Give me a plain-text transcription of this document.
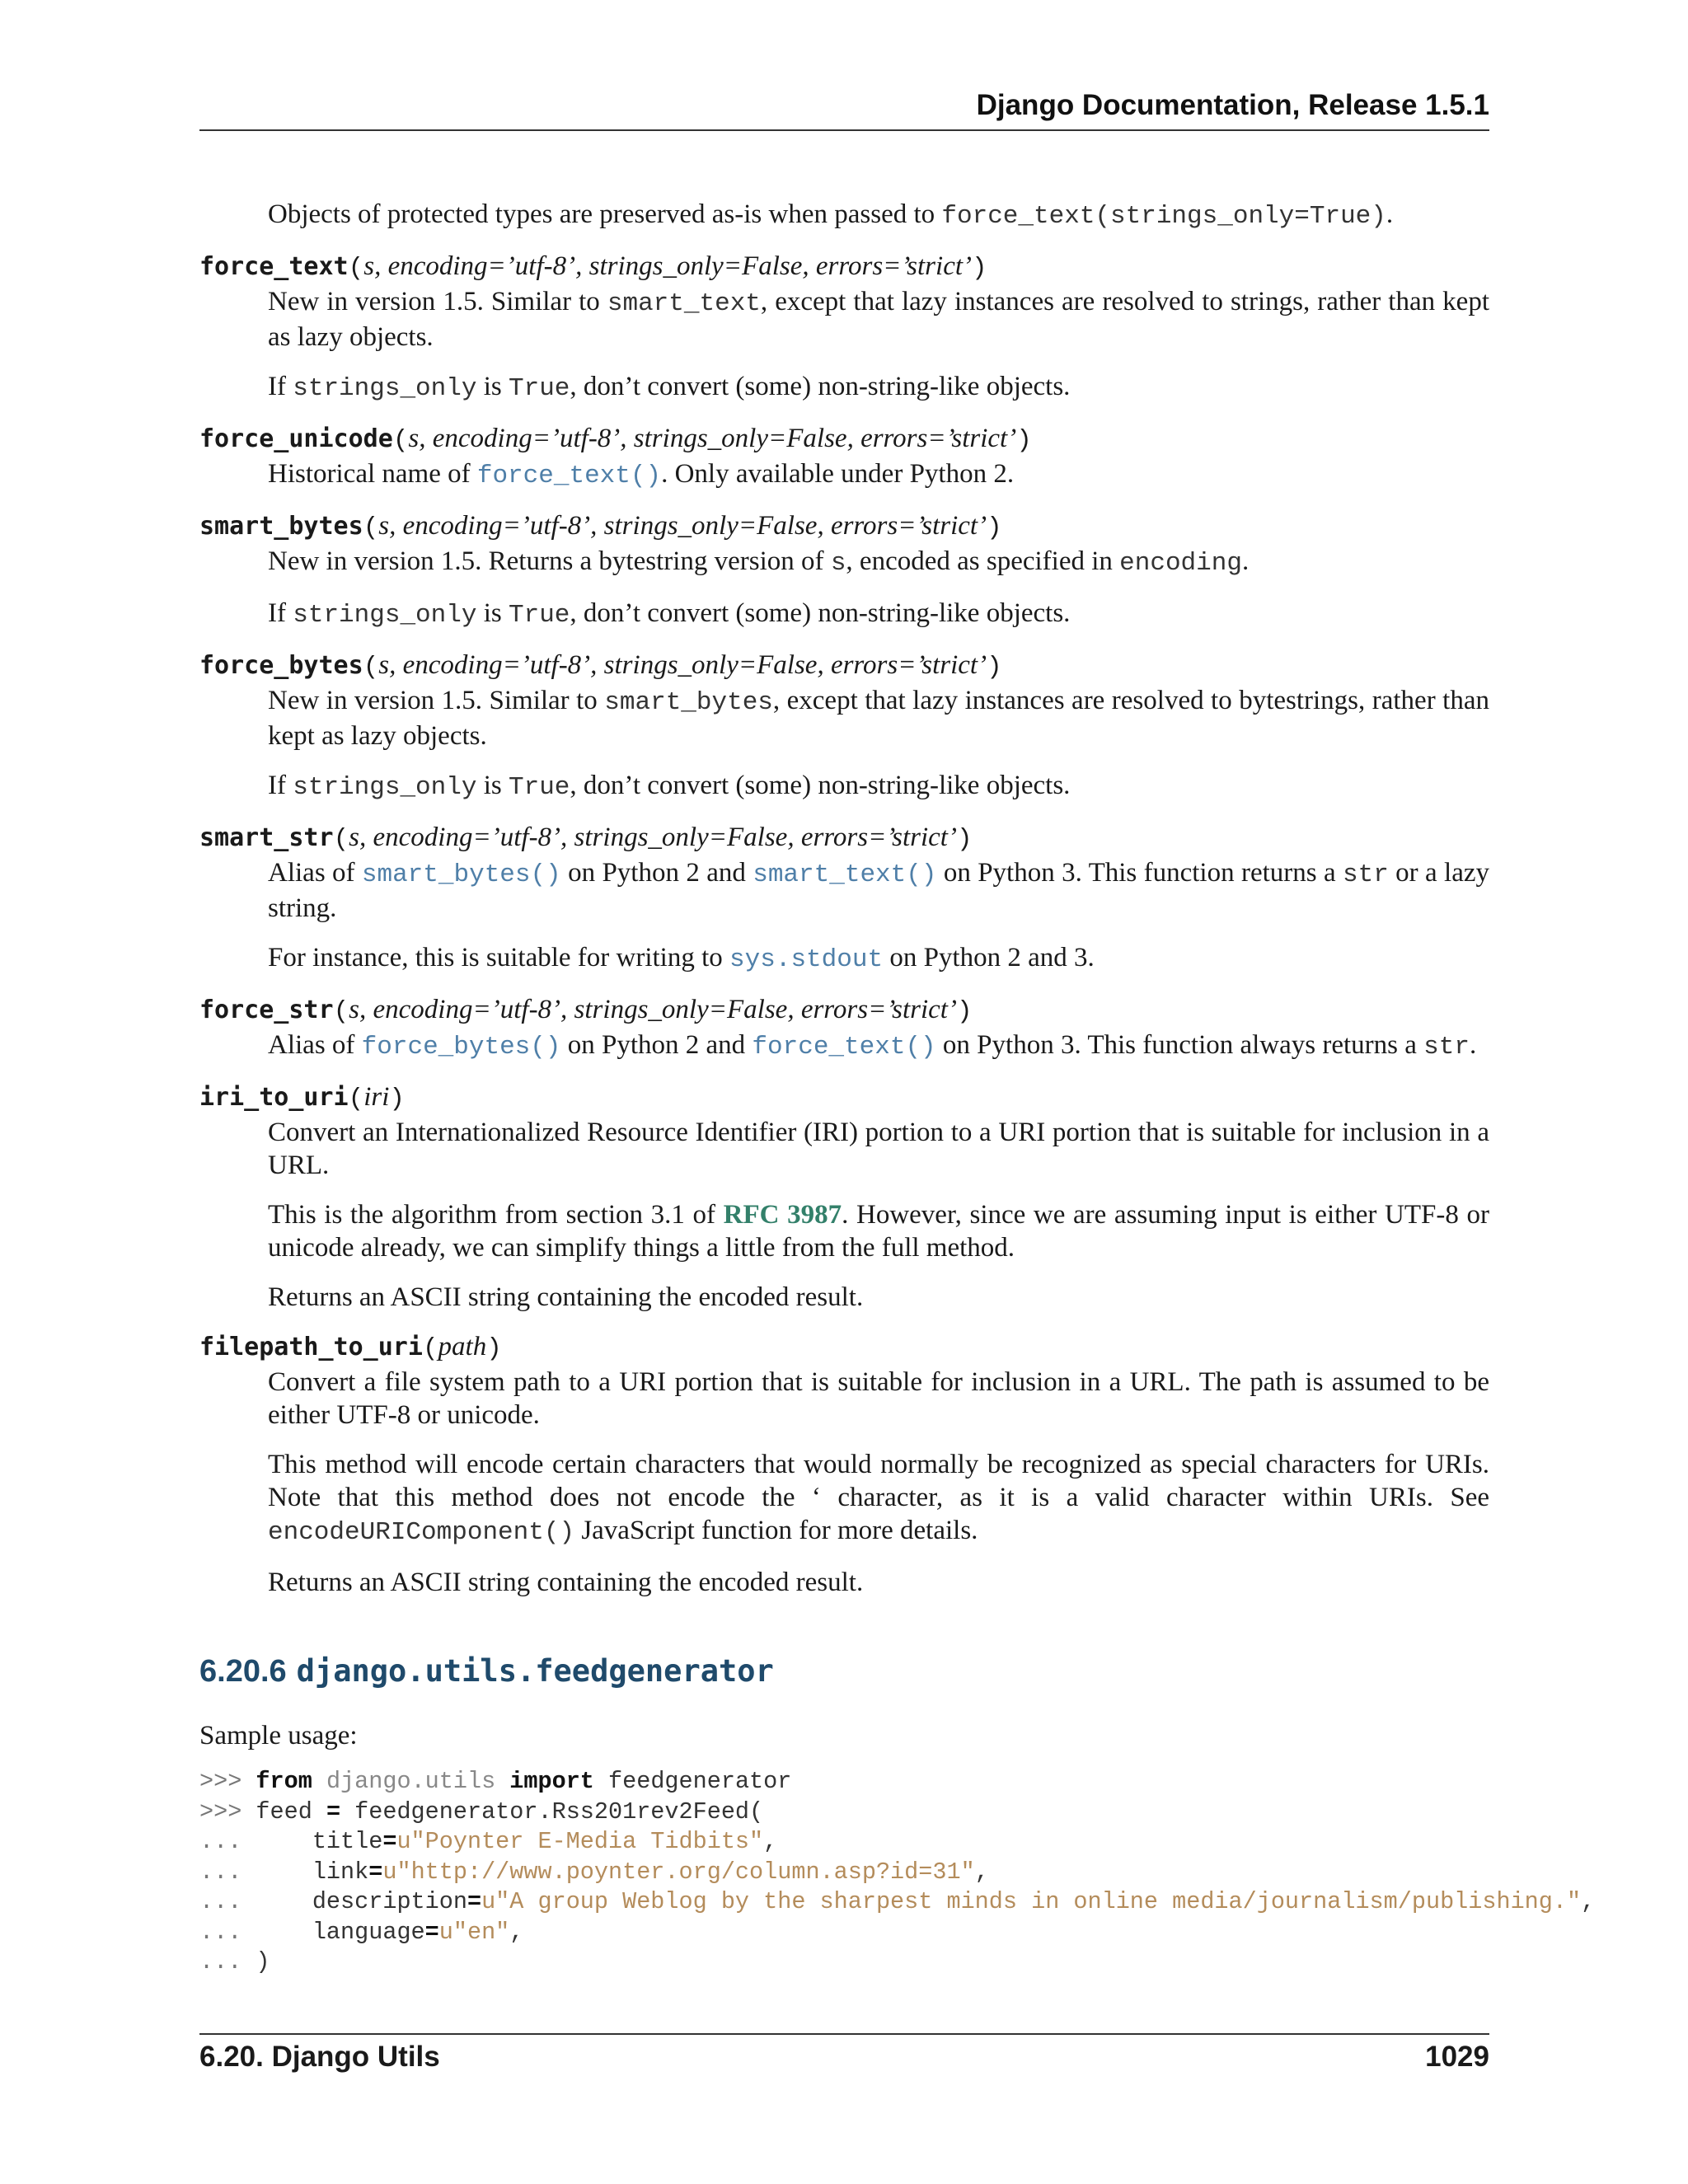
Django Documentation, Release 1.5.1

Objects of protected types are preserved as-is when passed to force_text(strings_only=True).

force_text(s, encoding=’utf-8’, strings_only=False, errors=’strict’)

New in version 1.5. Similar to smart_text, except that lazy instances are resolved to strings, rather than kept as lazy objects.

If strings_only is True, don’t convert (some) non-string-like objects.

force_unicode(s, encoding=’utf-8’, strings_only=False, errors=’strict’)

Historical name of force_text(). Only available under Python 2.

smart_bytes(s, encoding=’utf-8’, strings_only=False, errors=’strict’)

New in version 1.5. Returns a bytestring version of s, encoded as specified in encoding.

If strings_only is True, don’t convert (some) non-string-like objects.

force_bytes(s, encoding=’utf-8’, strings_only=False, errors=’strict’)

New in version 1.5. Similar to smart_bytes, except that lazy instances are resolved to bytestrings, rather than kept as lazy objects.

If strings_only is True, don’t convert (some) non-string-like objects.

smart_str(s, encoding=’utf-8’, strings_only=False, errors=’strict’)

Alias of smart_bytes() on Python 2 and smart_text() on Python 3. This function returns a str or a lazy string.

For instance, this is suitable for writing to sys.stdout on Python 2 and 3.

force_str(s, encoding=’utf-8’, strings_only=False, errors=’strict’)

Alias of force_bytes() on Python 2 and force_text() on Python 3. This function always returns a str.

iri_to_uri(iri)

Convert an Internationalized Resource Identifier (IRI) portion to a URI portion that is suitable for inclusion in a URL.

This is the algorithm from section 3.1 of RFC 3987. However, since we are assuming input is either UTF-8 or unicode already, we can simplify things a little from the full method.

Returns an ASCII string containing the encoded result.

filepath_to_uri(path)

Convert a file system path to a URI portion that is suitable for inclusion in a URL. The path is assumed to be either UTF-8 or unicode.

This method will encode certain characters that would normally be recognized as special characters for URIs. Note that this method does not encode the ‘ character, as it is a valid character within URIs. See encodeURIComponent() JavaScript function for more details.

Returns an ASCII string containing the encoded result.

6.20.6 django.utils.feedgenerator

Sample usage:

>>> from django.utils import feedgenerator
>>> feed = feedgenerator.Rss201rev2Feed(
...     title=u"Poynter E-Media Tidbits",
...     link=u"http://www.poynter.org/column.asp?id=31",
...     description=u"A group Weblog by the sharpest minds in online media/journalism/publishing.",
...     language=u"en",
... )
6.20. Django Utils	1029
